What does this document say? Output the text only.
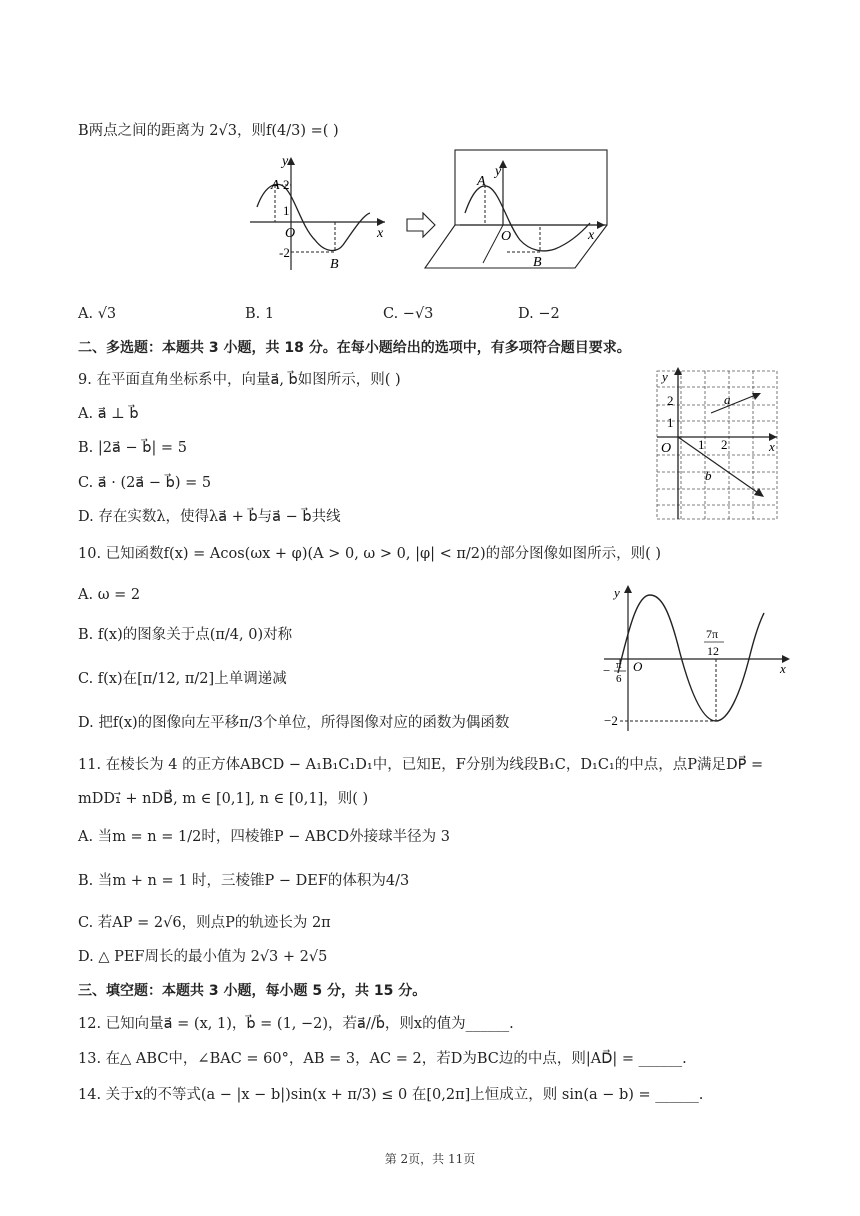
B两点之间的距离为 2√3，则f(4/3) =( )
y
A 2
1
O	x
-2
B
y
A
O	x
B
A. √3	B. 1	C. −√3	D. −2
二、多选题：本题共 3 小题，共 18 分。在每小题给出的选项中，有多项符合题目要求。
9. 在平面直角坐标系中，向量a⃗, b⃗如图所示，则( )
A. a⃗ ⊥ b⃗
B. |2a⃗ − b⃗| = 5
C. a⃗ · (2a⃗ − b⃗) = 5
D. 存在实数λ，使得λa⃗ + b⃗与a⃗ − b⃗共线
y
x
O
2
1
1 2
a⃗
b⃗
10. 已知函数f(x) = Acos(ωx + φ)(A > 0, ω > 0, |φ| < π/2)的部分图像如图所示，则( )
A. ω = 2
B. f(x)的图象关于点(π/4, 0)对称
C. f(x)在[π/12, π/2]上单调递减
D. 把f(x)的图像向左平移π/3个单位，所得图像对应的函数为偶函数
y
x
O
− π
6
7π
12
−2
11. 在棱长为 4 的正方体ABCD − A₁B₁C₁D₁中，已知E，F分别为线段B₁C，D₁C₁的中点，点P满足DP⃗ =
mDD₁⃗ + nDB⃗, m ∈ [0,1], n ∈ [0,1]，则( )
A. 当m = n = 1/2时，四棱锥P − ABCD外接球半径为 3
B. 当m + n = 1 时，三棱锥P − DEF的体积为4/3
C. 若AP = 2√6，则点P的轨迹长为 2π
D. △ PEF周长的最小值为 2√3 + 2√5
三、填空题：本题共 3 小题，每小题 5 分，共 15 分。
12. 已知向量a⃗ = (x, 1)，b⃗ = (1, −2)，若a⃗//b⃗，则x的值为______.
13. 在△ ABC中，∠BAC = 60°，AB = 3，AC = 2，若D为BC边的中点，则|AD⃗| = ______.
14. 关于x的不等式(a − |x − b|)sin(x + π/3) ≤ 0 在[0,2π]上恒成立，则 sin(a − b) = ______.
第 2页，共 11页
